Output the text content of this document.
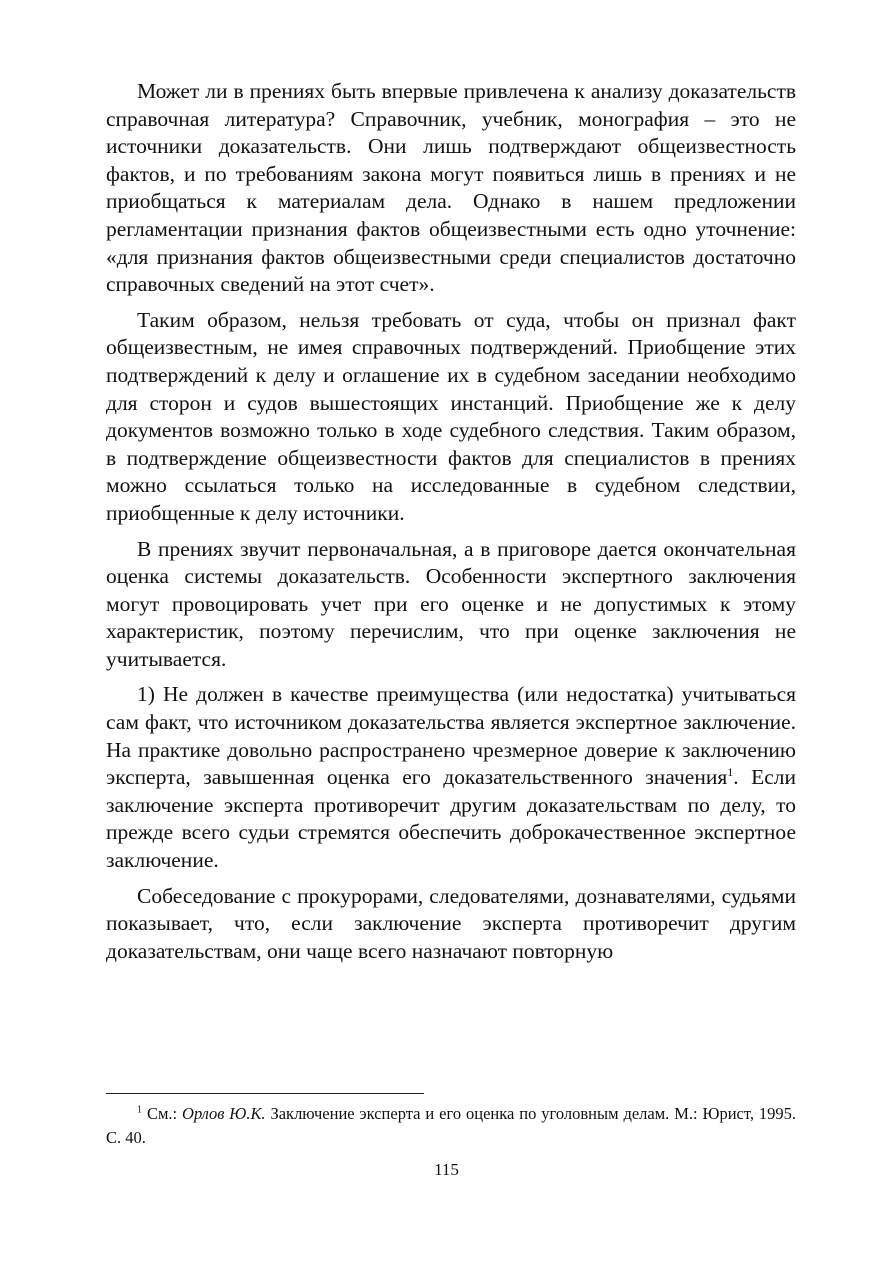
Может ли в прениях быть впервые привлечена к анализу доказательств справочная литература? Справочник, учебник, монография – это не источники доказательств. Они лишь подтверждают общеизвестность фактов, и по требованиям закона могут появиться лишь в прениях и не приобщаться к материалам дела. Однако в нашем предложении регламентации признания фактов общеизвестными есть одно уточнение: «для признания фактов общеизвестными среди специалистов достаточно справочных сведений на этот счет».

Таким образом, нельзя требовать от суда, чтобы он признал факт общеизвестным, не имея справочных подтверждений. Приобщение этих подтверждений к делу и оглашение их в судебном заседании необходимо для сторон и судов вышестоящих инстанций. Приобщение же к делу документов возможно только в ходе судебного следствия. Таким образом, в подтверждение общеизвестности фактов для специалистов в прениях можно ссылаться только на исследованные в судебном следствии, приобщенные к делу источники.

В прениях звучит первоначальная, а в приговоре дается окончательная оценка системы доказательств. Особенности экспертного заключения могут провоцировать учет при его оценке и не допустимых к этому характеристик, поэтому перечислим, что при оценке заключения не учитывается.

1) Не должен в качестве преимущества (или недостатка) учитываться сам факт, что источником доказательства является экспертное заключение. На практике довольно распространено чрезмерное доверие к заключению эксперта, завышенная оценка его доказательственного значения$^1$. Если заключение эксперта противоречит другим доказательствам по делу, то прежде всего судьи стремятся обеспечить доброкачественное экспертное заключение.

Собеседование с прокурорами, следователями, дознавателями, судьями показывает, что, если заключение эксперта противоречит другим доказательствам, они чаще всего назначают повторную

$^1$ См.: Орлов Ю.К. Заключение эксперта и его оценка по уголовным делам. М.: Юрист, 1995. С. 40.
115
